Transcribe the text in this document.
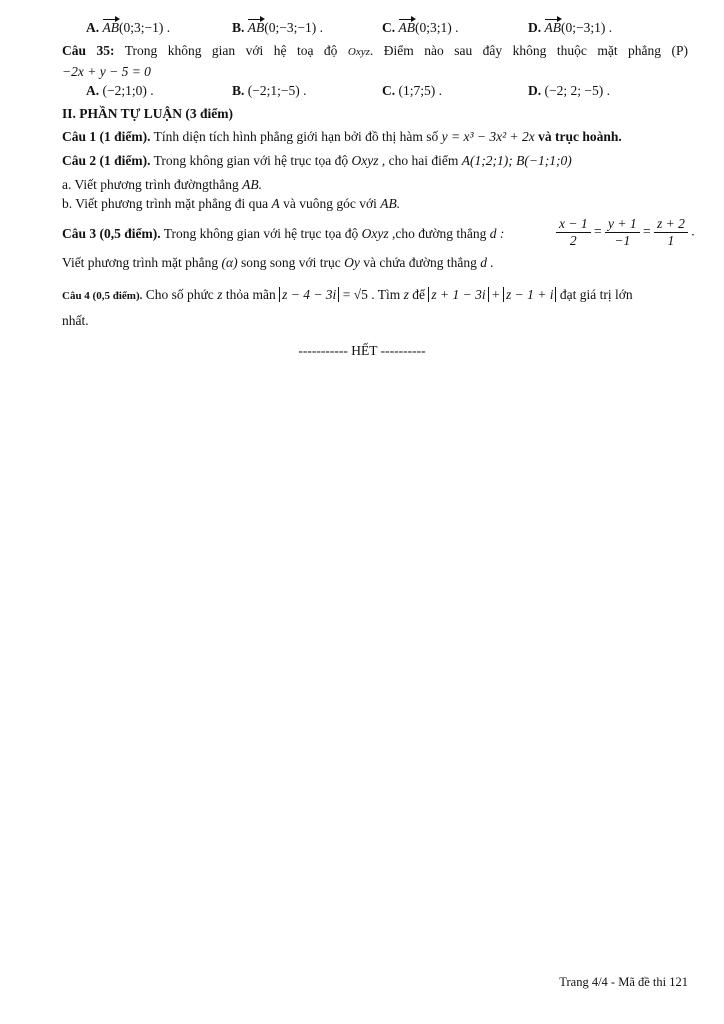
A. AB(0;3;−1) .	B. AB(0;−3;−1) .	C. AB(0;3;1) .	D. AB(0;−3;1) .
Câu 35: Trong không gian với hệ toạ độ Oxyz. Điểm nào sau đây không thuộc mặt phẳng (P)
−2x + y − 5 = 0
A. (−2;1;0) .	B. (−2;1;−5) .	C. (1;7;5) .	D. (−2; 2; −5) .
II. PHẦN TỰ LUẬN (3 điểm)
Câu 1 (1 điểm). Tính diện tích hình phẳng giới hạn bởi đồ thị hàm số y = x³ − 3x² + 2x và trục hoành.
Câu 2 (1 điểm). Trong không gian với hệ trục tọa độ Oxyz , cho hai điểm A(1;2;1); B(−1;1;0)
a. Viết phương trình đườngthẳng AB.
b. Viết phương trình mặt phẳng đi qua A và vuông góc với AB.
Câu 3 (0,5 điểm). Trong không gian với hệ trục tọa độ Oxyz ,cho đường thẳng d :	$\frac{x - 1}{2} = \frac{y + 1}{-1} = \frac{z + 2}{1}$ .
Viết phương trình mặt phẳng (α) song song với trục Oy và chứa đường thẳng d .
Câu 4 (0,5 điểm). Cho số phức z thỏa mãn z − 4 − 3i = √5 . Tìm z để z + 1 − 3i + z − 1 + i đạt giá trị lớn
nhất.
----------- HẾT ----------
Trang 4/4 - Mã đề thi 121
